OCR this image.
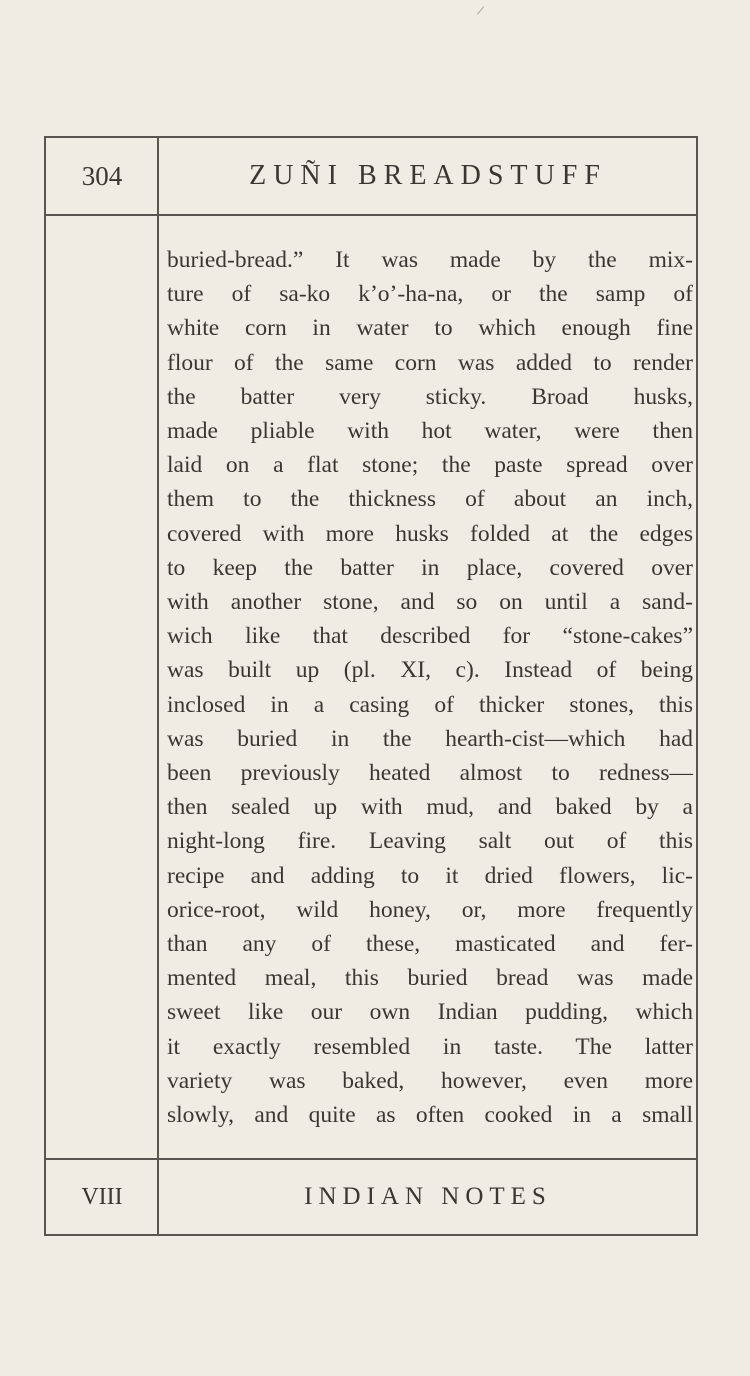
/
304	ZUÑI BREADSTUFF
buried-bread.” It was made by the mix-
ture of sa-ko k’o’-ha-na, or the samp of
white corn in water to which enough fine
flour of the same corn was added to render
the batter very sticky. Broad husks,
made pliable with hot water, were then
laid on a flat stone; the paste spread over
them to the thickness of about an inch,
covered with more husks folded at the edges
to keep the batter in place, covered over
with another stone, and so on until a sand-
wich like that described for “stone-cakes”
was built up (pl. XI, c). Instead of being
inclosed in a casing of thicker stones, this
was buried in the hearth-cist—which had
been previously heated almost to redness—
then sealed up with mud, and baked by a
night-long fire. Leaving salt out of this
recipe and adding to it dried flowers, lic-
orice-root, wild honey, or, more frequently
than any of these, masticated and fer-
mented meal, this buried bread was made
sweet like our own Indian pudding, which
it exactly resembled in taste. The latter
variety was baked, however, even more
slowly, and quite as often cooked in a small
VIII	INDIAN NOTES
